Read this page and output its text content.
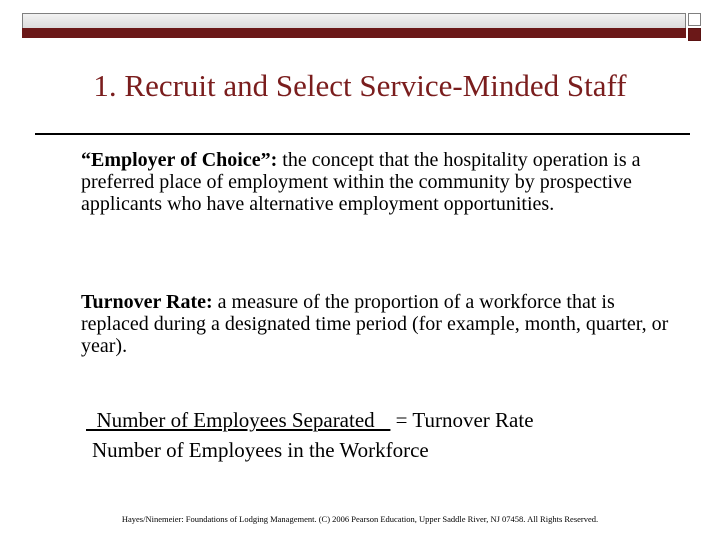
1. Recruit and Select Service-Minded Staff

“Employer of Choice”: the concept that the hospitality operation is a preferred place of employment within the community by prospective applicants who have alternative employment opportunities.

Turnover Rate: a measure of the proportion of a workforce that is replaced during a designated time period (for example, month, quarter, or year).

Number of Employees Separated    = Turnover Rate
Number of Employees in the Workforce
Hayes/Ninemeier: Foundations of Lodging Management. (C) 2006 Pearson Education, Upper Saddle River, NJ 07458. All Rights Reserved.
